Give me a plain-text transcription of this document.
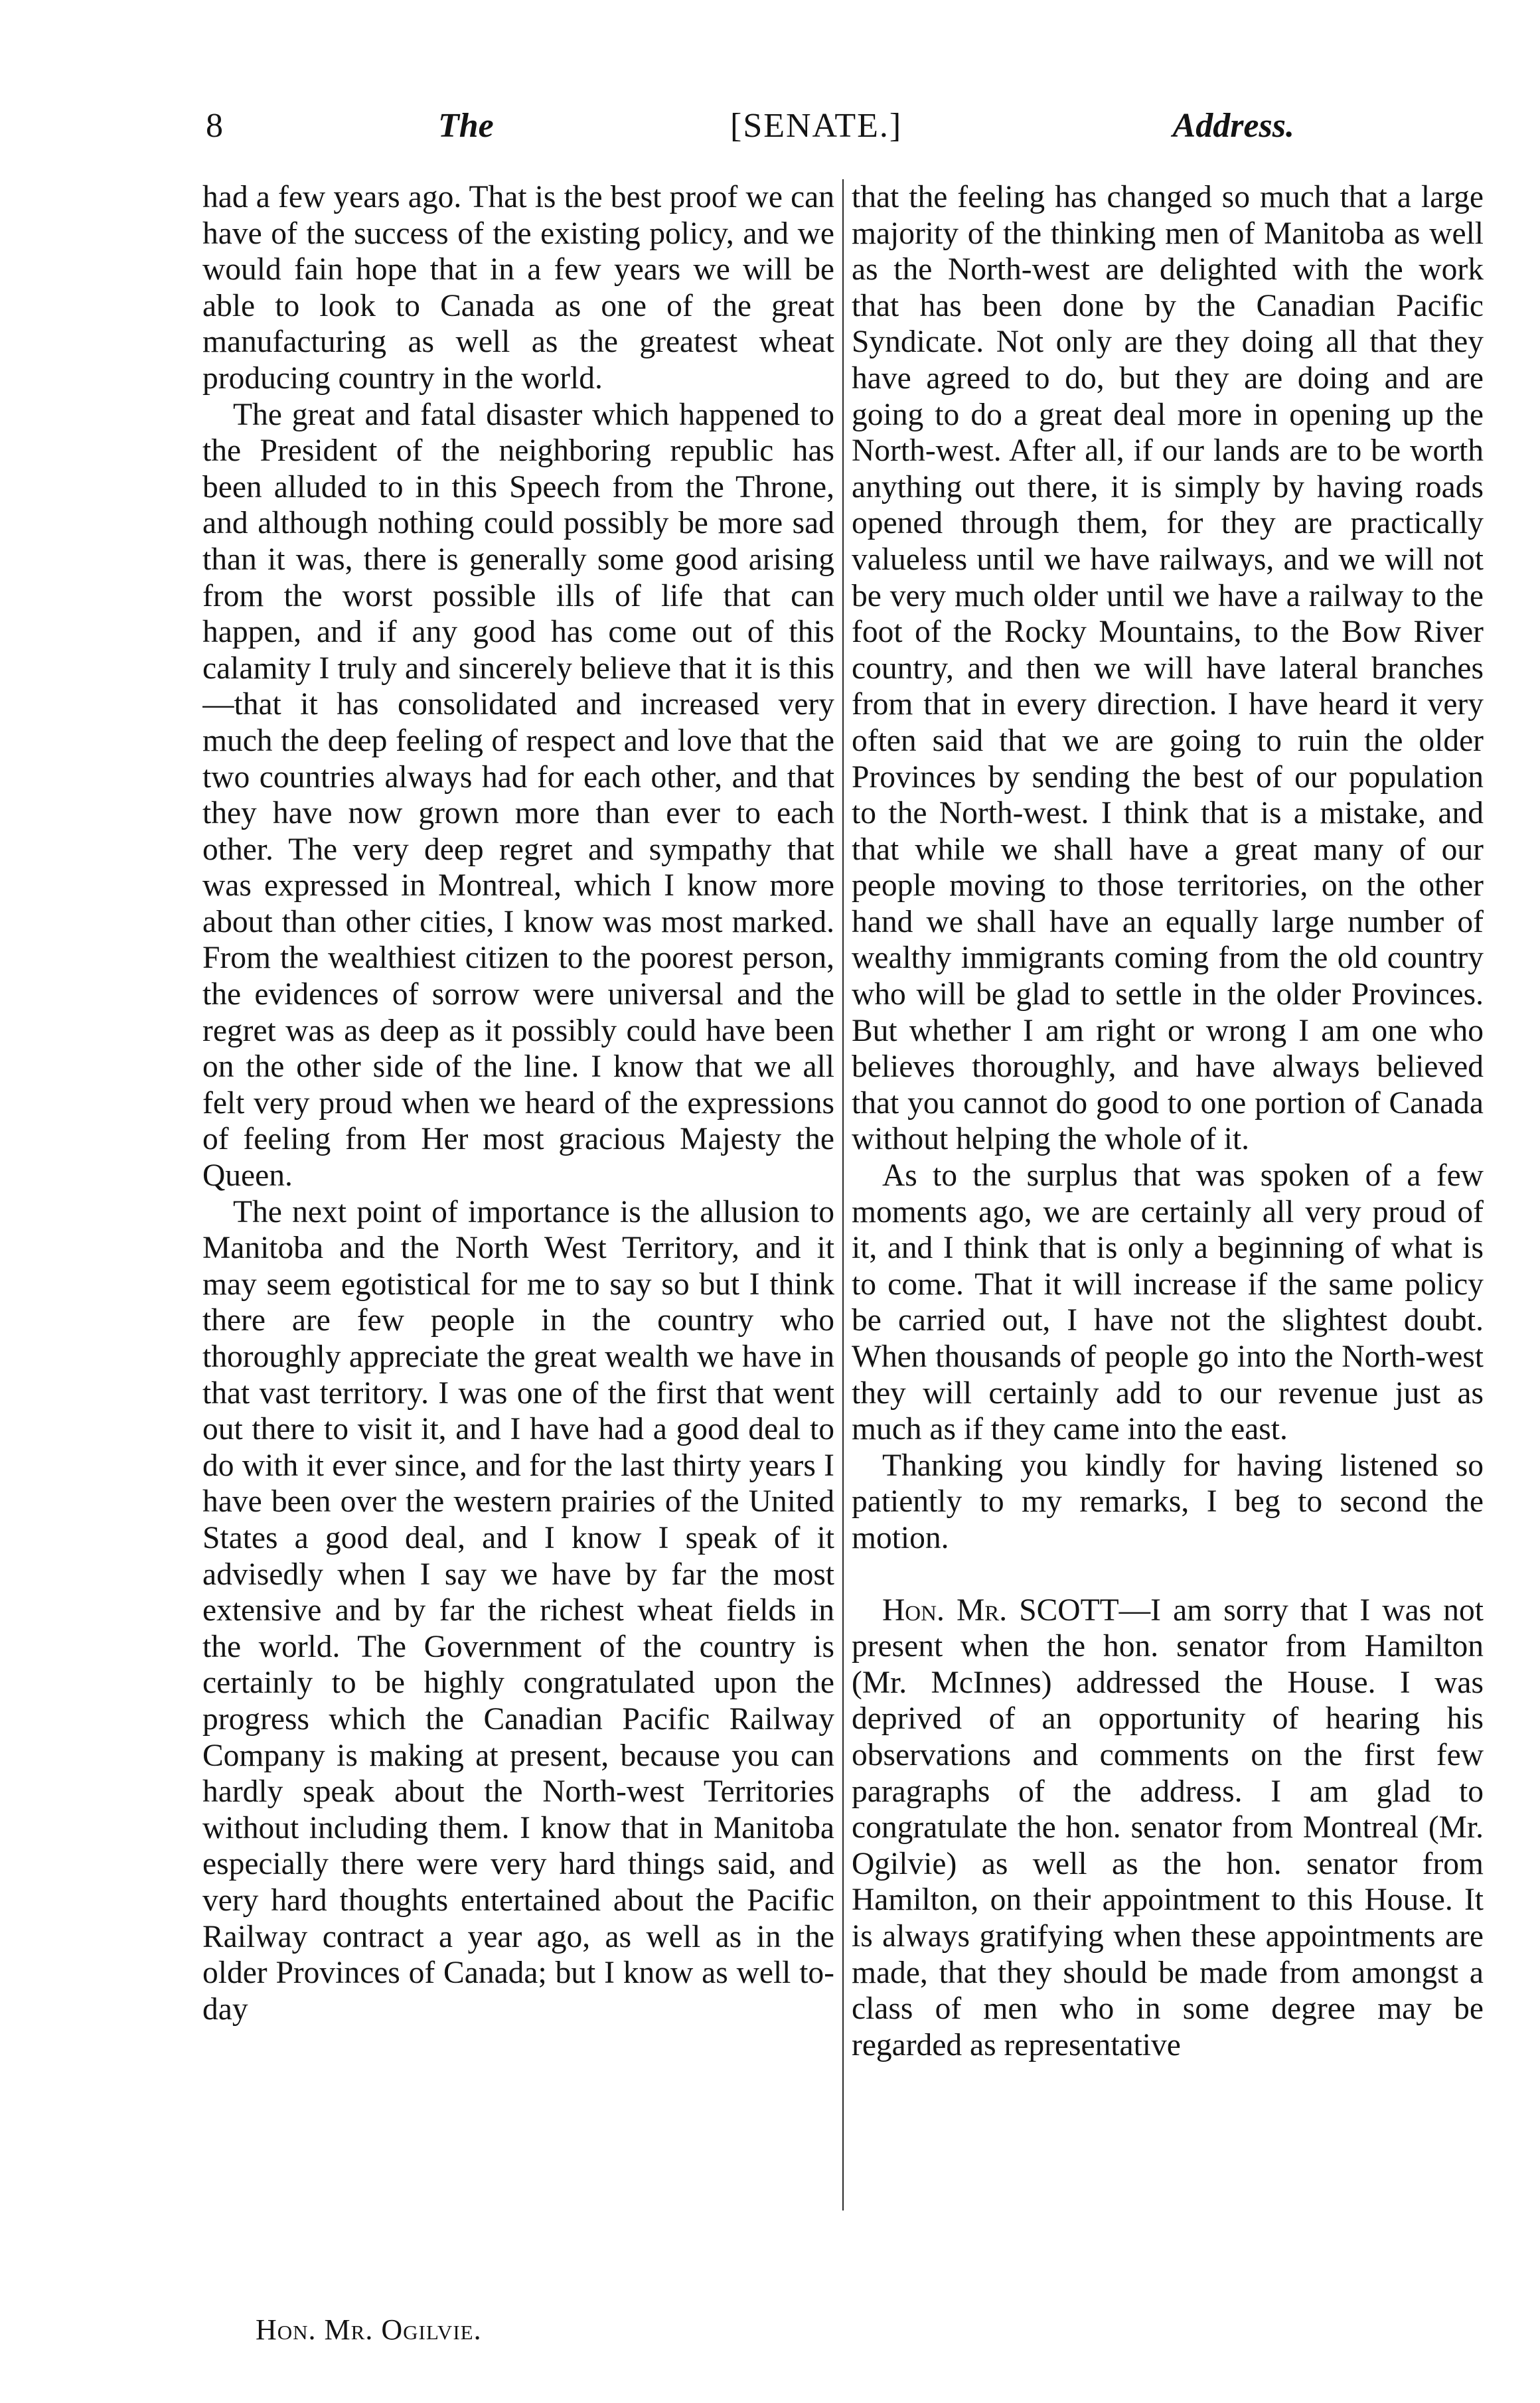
8	The	[SENATE.]	Address.

had a few years ago. That is the best proof we can have of the success of the existing policy, and we would fain hope that in a few years we will be able to look to Canada as one of the great manufacturing as well as the greatest wheat producing country in the world.

The great and fatal disaster which happened to the President of the neighboring republic has been alluded to in this Speech from the Throne, and although nothing could possibly be more sad than it was, there is generally some good arising from the worst possible ills of life that can happen, and if any good has come out of this calamity I truly and sincerely believe that it is this—that it has consolidated and increased very much the deep feeling of respect and love that the two countries always had for each other, and that they have now grown more than ever to each other. The very deep regret and sympathy that was expressed in Montreal, which I know more about than other cities, I know was most marked. From the wealthiest citizen to the poorest person, the evidences of sorrow were universal and the regret was as deep as it possibly could have been on the other side of the line. I know that we all felt very proud when we heard of the expressions of feeling from Her most gracious Majesty the Queen.

The next point of importance is the allusion to Manitoba and the North West Territory, and it may seem egotistical for me to say so but I think there are few people in the country who thoroughly appreciate the great wealth we have in that vast territory. I was one of the first that went out there to visit it, and I have had a good deal to do with it ever since, and for the last thirty years I have been over the western prairies of the United States a good deal, and I know I speak of it advisedly when I say we have by far the most extensive and by far the richest wheat fields in the world. The Government of the country is certainly to be highly congratulated upon the progress which the Canadian Pacific Railway Company is making at present, because you can hardly speak about the North-west Territories without including them. I know that in Manitoba especially there were very hard things said, and very hard thoughts entertained about the Pacific Railway contract a year ago, as well as in the older Provinces of Canada; but I know as well to-day

that the feeling has changed so much that a large majority of the thinking men of Manitoba as well as the North-west are delighted with the work that has been done by the Canadian Pacific Syndicate. Not only are they doing all that they have agreed to do, but they are doing and are going to do a great deal more in opening up the North-west. After all, if our lands are to be worth anything out there, it is simply by having roads opened through them, for they are practically valueless until we have railways, and we will not be very much older until we have a railway to the foot of the Rocky Mountains, to the Bow River country, and then we will have lateral branches from that in every direction. I have heard it very often said that we are going to ruin the older Provinces by sending the best of our population to the North-west. I think that is a mistake, and that while we shall have a great many of our people moving to those territories, on the other hand we shall have an equally large number of wealthy immigrants coming from the old country who will be glad to settle in the older Provinces. But whether I am right or wrong I am one who believes thoroughly, and have always believed that you cannot do good to one portion of Canada without helping the whole of it.

As to the surplus that was spoken of a few moments ago, we are certainly all very proud of it, and I think that is only a beginning of what is to come. That it will increase if the same policy be carried out, I have not the slightest doubt. When thousands of people go into the North-west they will certainly add to our revenue just as much as if they came into the east.

Thanking you kindly for having listened so patiently to my remarks, I beg to second the motion.

Hon. Mr. SCOTT—I am sorry that I was not present when the hon. senator from Hamilton (Mr. McInnes) addressed the House. I was deprived of an opportunity of hearing his observations and comments on the first few paragraphs of the address. I am glad to congratulate the hon. senator from Montreal (Mr. Ogilvie) as well as the hon. senator from Hamilton, on their appointment to this House. It is always gratifying when these appointments are made, that they should be made from amongst a class of men who in some degree may be regarded as representative

Hon. Mr. Ogilvie.
